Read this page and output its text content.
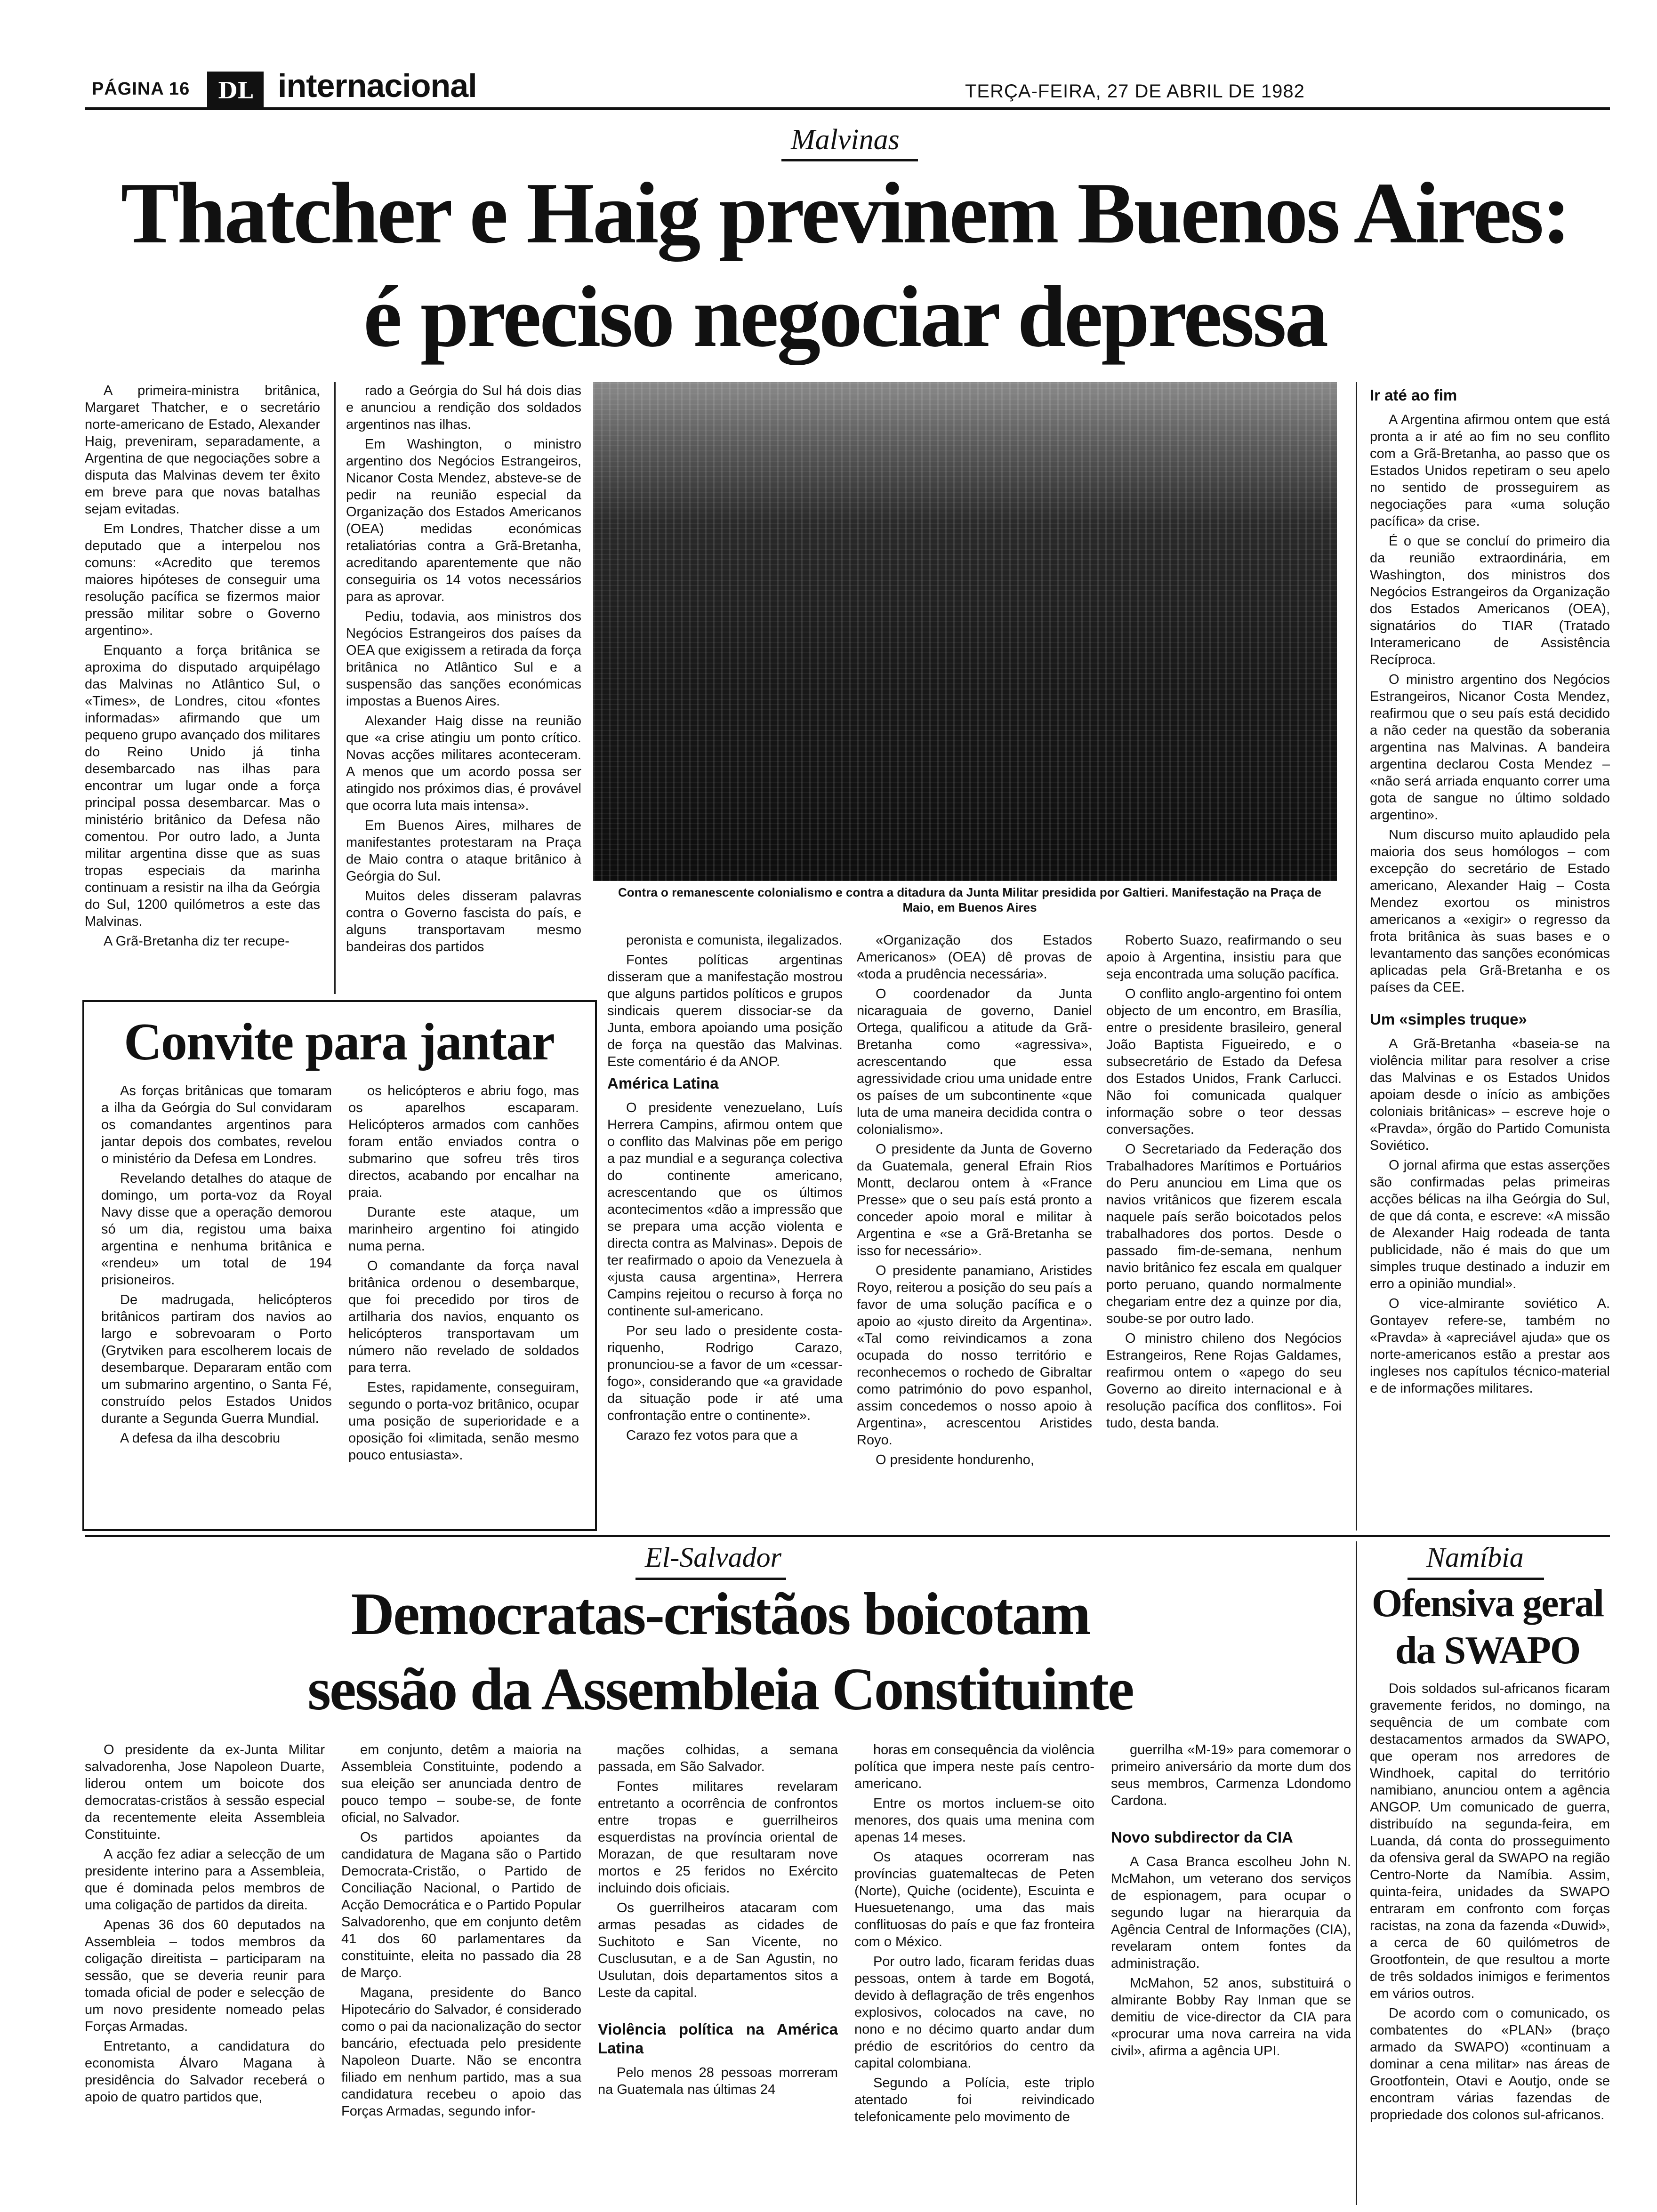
PÁGINA 16	DL internacional	TERÇA-FEIRA, 27 DE ABRIL DE 1982
Malvinas
Thatcher e Haig previnem Buenos Aires:
é preciso negociar depressa

A primeira-ministra britânica, Margaret Thatcher, e o secretário norte-americano de Estado, Alexander Haig, preveniram, separadamente, a Argentina de que negociações sobre a disputa das Malvinas devem ter êxito em breve para que novas batalhas sejam evitadas.

Em Londres, Thatcher disse a um deputado que a interpelou nos comuns: «Acredito que teremos maiores hipóteses de conseguir uma resolução pacífica se fizermos maior pressão militar sobre o Governo argentino».

Enquanto a força britânica se aproxima do disputado arquipélago das Malvinas no Atlântico Sul, o «Times», de Londres, citou «fontes informadas» afirmando que um pequeno grupo avançado dos militares do Reino Unido já tinha desembarcado nas ilhas para encontrar um lugar onde a força principal possa desembarcar. Mas o ministério britânico da Defesa não comentou. Por outro lado, a Junta militar argentina disse que as suas tropas especiais da marinha continuam a resistir na ilha da Geórgia do Sul, 1200 quilómetros a este das Malvinas.

A Grã-Bretanha diz ter recupe-

rado a Geórgia do Sul há dois dias e anunciou a rendição dos soldados argentinos nas ilhas.

Em Washington, o ministro argentino dos Negócios Estrangeiros, Nicanor Costa Mendez, absteve-se de pedir na reunião especial da Organização dos Estados Americanos (OEA) medidas económicas retaliatórias contra a Grã-Bretanha, acreditando aparentemente que não conseguiria os 14 votos necessários para as aprovar.

Pediu, todavia, aos ministros dos Negócios Estrangeiros dos países da OEA que exigissem a retirada da força britânica no Atlântico Sul e a suspensão das sanções económicas impostas a Buenos Aires.

Alexander Haig disse na reunião que «a crise atingiu um ponto crítico. Novas acções militares aconteceram. A menos que um acordo possa ser atingido nos próximos dias, é provável que ocorra luta mais intensa».

Em Buenos Aires, milhares de manifestantes protestaram na Praça de Maio contra o ataque britânico à Geórgia do Sul.

Muitos deles disseram palavras contra o Governo fascista do país, e alguns transportavam mesmo bandeiras dos partidos

Contra o remanescente colonialismo e contra a ditadura da Junta Militar presidida por Galtieri. Manifestação na Praça de Maio, em Buenos Aires

peronista e comunista, ilegalizados.

Fontes políticas argentinas disseram que a manifestação mostrou que alguns partidos políticos e grupos sindicais querem dissociar-se da Junta, embora apoiando uma posição de força na questão das Malvinas. Este comentário é da ANOP.

América Latina

O presidente venezuelano, Luís Herrera Campins, afirmou ontem que o conflito das Malvinas põe em perigo a paz mundial e a segurança colectiva do continente americano, acrescentando que os últimos acontecimentos «dão a impressão que se prepara uma acção violenta e directa contra as Malvinas». Depois de ter reafirmado o apoio da Venezuela à «justa causa argentina», Herrera Campins rejeitou o recurso à força no continente sul-americano.

Por seu lado o presidente costa-riquenho, Rodrigo Carazo, pronunciou-se a favor de um «cessar-fogo», considerando que «a gravidade da situação pode ir até uma confrontação entre o continente».

Carazo fez votos para que a

«Organização dos Estados Americanos» (OEA) dê provas de «toda a prudência necessária».

O coordenador da Junta nicaraguaia de governo, Daniel Ortega, qualificou a atitude da Grã-Bretanha como «agressiva», acrescentando que essa agressividade criou uma unidade entre os países de um subcontinente «que luta de uma maneira decidida contra o colonialismo».

O presidente da Junta de Governo da Guatemala, general Efrain Rios Montt, declarou ontem à «France Presse» que o seu país está pronto a conceder apoio moral e militar à Argentina e «se a Grã-Bretanha se isso for necessário».

O presidente panamiano, Aristides Royo, reiterou a posição do seu país a favor de uma solução pacífica e o apoio ao «justo direito da Argentina». «Tal como reivindicamos a zona ocupada do nosso território e reconhecemos o rochedo de Gibraltar como património do povo espanhol, assim concedemos o nosso apoio à Argentina», acrescentou Aristides Royo.

O presidente hondurenho,

Roberto Suazo, reafirmando o seu apoio à Argentina, insistiu para que seja encontrada uma solução pacífica.

O conflito anglo-argentino foi ontem objecto de um encontro, em Brasília, entre o presidente brasileiro, general João Baptista Figueiredo, e o subsecretário de Estado da Defesa dos Estados Unidos, Frank Carlucci. Não foi comunicada qualquer informação sobre o teor dessas conversações.

O Secretariado da Federação dos Trabalhadores Marítimos e Portuários do Peru anunciou em Lima que os navios vritânicos que fizerem escala naquele país serão boicotados pelos trabalhadores dos portos. Desde o passado fim-de-semana, nenhum navio britânico fez escala em qualquer porto peruano, quando normalmente chegariam entre dez a quinze por dia, soube-se por outro lado.

O ministro chileno dos Negócios Estrangeiros, Rene Rojas Galdames, reafirmou ontem o «apego do seu Governo ao direito internacional e à resolução pacífica dos conflitos». Foi tudo, desta banda.

Ir até ao fim

A Argentina afirmou ontem que está pronta a ir até ao fim no seu conflito com a Grã-Bretanha, ao passo que os Estados Unidos repetiram o seu apelo no sentido de prosseguirem as negociações para «uma solução pacífica» da crise.

É o que se concluí do primeiro dia da reunião extraordinária, em Washington, dos ministros dos Negócios Estrangeiros da Organização dos Estados Americanos (OEA), signatários do TIAR (Tratado Interamericano de Assistência Recíproca.

O ministro argentino dos Negócios Estrangeiros, Nicanor Costa Mendez, reafirmou que o seu país está decidido a não ceder na questão da soberania argentina nas Malvinas. A bandeira argentina declarou Costa Mendez – «não será arriada enquanto correr uma gota de sangue no último soldado argentino».

Num discurso muito aplaudido pela maioria dos seus homólogos – com excepção do secretário de Estado americano, Alexander Haig – Costa Mendez exortou os ministros americanos a «exigir» o regresso da frota britânica às suas bases e o levantamento das sanções económicas aplicadas pela Grã-Bretanha e os países da CEE.

Um «simples truque»

A Grã-Bretanha «baseia-se na violência militar para resolver a crise das Malvinas e os Estados Unidos apoiam desde o início as ambições coloniais britânicas» – escreve hoje o «Pravda», órgão do Partido Comunista Soviético.

O jornal afirma que estas asserções são confirmadas pelas primeiras acções bélicas na ilha Geórgia do Sul, de que dá conta, e escreve: «A missão de Alexander Haig rodeada de tanta publicidade, não é mais do que um simples truque destinado a induzir em erro a opinião mundial».

O vice-almirante soviético A. Gontayev refere-se, também no «Pravda» à «apreciável ajuda» que os norte-americanos estão a prestar aos ingleses nos capítulos técnico-material e de informações militares.

Convite para jantar

As forças britânicas que tomaram a ilha da Geórgia do Sul convidaram os comandantes argentinos para jantar depois dos combates, revelou o ministério da Defesa em Londres.

Revelando detalhes do ataque de domingo, um porta-voz da Royal Navy disse que a operação demorou só um dia, registou uma baixa argentina e nenhuma britânica e «rendeu» um total de 194 prisioneiros.

De madrugada, helicópteros britânicos partiram dos navios ao largo e sobrevoaram o Porto (Grytviken para escolherem locais de desembarque. Depararam então com um submarino argentino, o Santa Fé, construído pelos Estados Unidos durante a Segunda Guerra Mundial.

A defesa da ilha descobriu

os helicópteros e abriu fogo, mas os aparelhos escaparam. Helicópteros armados com canhões foram então enviados contra o submarino que sofreu três tiros directos, acabando por encalhar na praia.

Durante este ataque, um marinheiro argentino foi atingido numa perna.

O comandante da força naval britânica ordenou o desembarque, que foi precedido por tiros de artilharia dos navios, enquanto os helicópteros transportavam um número não revelado de soldados para terra.

Estes, rapidamente, conseguiram, segundo o porta-voz britânico, ocupar uma posição de superioridade e a oposição foi «limitada, senão mesmo pouco entusiasta».

El-Salvador
Democratas-cristãos boicotam
sessão da Assembleia Constituinte

O presidente da ex-Junta Militar salvadorenha, Jose Napoleon Duarte, liderou ontem um boicote dos democratas-cristãos à sessão especial da recentemente eleita Assembleia Constituinte.

A acção fez adiar a selecção de um presidente interino para a Assembleia, que é dominada pelos membros de uma coligação de partidos da direita.

Apenas 36 dos 60 deputados na Assembleia – todos membros da coligação direitista – participaram na sessão, que se deveria reunir para tomada oficial de poder e selecção de um novo presidente nomeado pelas Forças Armadas.

Entretanto, a candidatura do economista Álvaro Magana à presidência do Salvador receberá o apoio de quatro partidos que,

em conjunto, detêm a maioria na Assembleia Constituinte, podendo a sua eleição ser anunciada dentro de pouco tempo – soube-se, de fonte oficial, no Salvador.

Os partidos apoiantes da candidatura de Magana são o Partido Democrata-Cristão, o Partido de Conciliação Nacional, o Partido de Acção Democrática e o Partido Popular Salvadorenho, que em conjunto detêm 41 dos 60 parlamentares da constituinte, eleita no passado dia 28 de Março.

Magana, presidente do Banco Hipotecário do Salvador, é considerado como o pai da nacionalização do sector bancário, efectuada pelo presidente Napoleon Duarte. Não se encontra filiado em nenhum partido, mas a sua candidatura recebeu o apoio das Forças Armadas, segundo infor-

mações colhidas, a semana passada, em São Salvador.

Fontes militares revelaram entretanto a ocorrência de confrontos entre tropas e guerrilheiros esquerdistas na província oriental de Morazan, de que resultaram nove mortos e 25 feridos no Exército incluindo dois oficiais.

Os guerrilheiros atacaram com armas pesadas as cidades de Suchitoto e San Vicente, no Cusclusutan, e a de San Agustin, no Usulutan, dois departamentos sitos a Leste da capital.

Violência política na América Latina

Pelo menos 28 pessoas morreram na Guatemala nas últimas 24

horas em consequência da violência política que impera neste país centro-americano.

Entre os mortos incluem-se oito menores, dos quais uma menina com apenas 14 meses.

Os ataques ocorreram nas províncias guatemaltecas de Peten (Norte), Quiche (ocidente), Escuinta e Huesuetenango, uma das mais conflituosas do país e que faz fronteira com o México.

Por outro lado, ficaram feridas duas pessoas, ontem à tarde em Bogotá, devido à deflagração de três engenhos explosivos, colocados na cave, no nono e no décimo quarto andar dum prédio de escritórios do centro da capital colombiana.

Segundo a Polícia, este triplo atentado foi reivindicado telefonicamente pelo movimento de

guerrilha «M-19» para comemorar o primeiro aniversário da morte dum dos seus membros, Carmenza Ldondomo Cardona.

Novo subdirector da CIA

A Casa Branca escolheu John N. McMahon, um veterano dos serviços de espionagem, para ocupar o segundo lugar na hierarquia da Agência Central de Informações (CIA), revelaram ontem fontes da administração.

McMahon, 52 anos, substituirá o almirante Bobby Ray Inman que se demitiu de vice-director da CIA para «procurar uma nova carreira na vida civil», afirma a agência UPI.

Namíbia
Ofensiva geral
da SWAPO

Dois soldados sul-africanos ficaram gravemente feridos, no domingo, na sequência de um combate com destacamentos armados da SWAPO, que operam nos arredores de Windhoek, capital do território namibiano, anunciou ontem a agência ANGOP. Um comunicado de guerra, distribuído na segunda-feira, em Luanda, dá conta do prosseguimento da ofensiva geral da SWAPO na região Centro-Norte da Namíbia. Assim, quinta-feira, unidades da SWAPO entraram em confronto com forças racistas, na zona da fazenda «Duwid», a cerca de 60 quilómetros de Grootfontein, de que resultou a morte de três soldados inimigos e ferimentos em vários outros.

De acordo com o comunicado, os combatentes do «PLAN» (braço armado da SWAPO) «continuam a dominar a cena militar» nas áreas de Grootfontein, Otavi e Aoutjo, onde se encontram várias fazendas de propriedade dos colonos sul-africanos.
